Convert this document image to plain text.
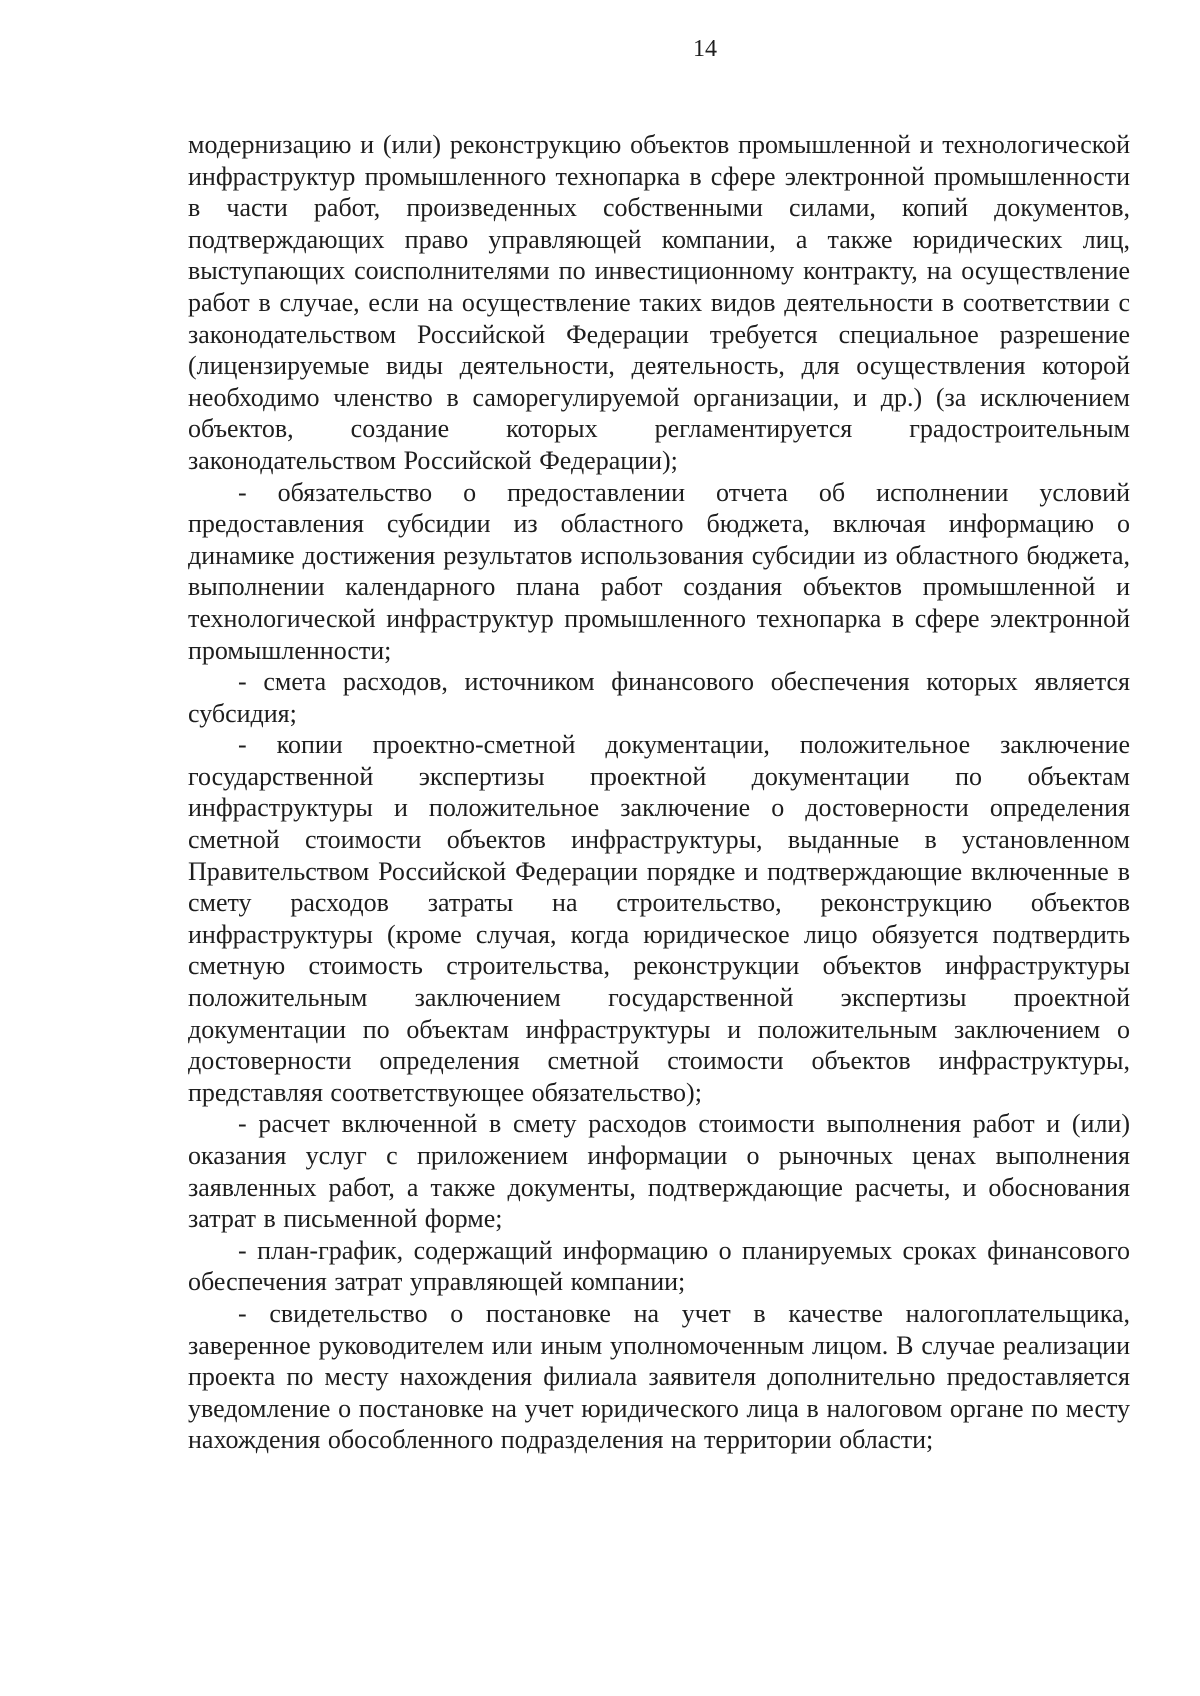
14

модернизацию и (или) реконструкцию объектов промышленной и технологической инфраструктур промышленного технопарка в сфере электронной промышленности в части работ, произведенных собственными силами, копий документов, подтверждающих право управляющей компании, а также юридических лиц, выступающих соисполнителями по инвестиционному контракту, на осуществление работ в случае, если на осуществление таких видов деятельности в соответствии с законодательством Российской Федерации требуется специальное разрешение (лицензируемые виды деятельности, деятельность, для осуществления которой необходимо членство в саморегулируемой организации, и др.) (за исключением объектов, создание которых регламентируется градостроительным законодательством Российской Федерации);

- обязательство о предоставлении отчета об исполнении условий предоставления субсидии из областного бюджета, включая информацию о динамике достижения результатов использования субсидии из областного бюджета, выполнении календарного плана работ создания объектов промышленной и технологической инфраструктур промышленного технопарка в сфере электронной промышленности;

- смета расходов, источником финансового обеспечения которых является субсидия;

- копии проектно-сметной документации, положительное заключение государственной экспертизы проектной документации по объектам инфраструктуры и положительное заключение о достоверности определения сметной стоимости объектов инфраструктуры, выданные в установленном Правительством Российской Федерации порядке и подтверждающие включенные в смету расходов затраты на строительство, реконструкцию объектов инфраструктуры (кроме случая, когда юридическое лицо обязуется подтвердить сметную стоимость строительства, реконструкции объектов инфраструктуры положительным заключением государственной экспертизы проектной документации по объектам инфраструктуры и положительным заключением о достоверности определения сметной стоимости объектов инфраструктуры, представляя соответствующее обязательство);

- расчет включенной в смету расходов стоимости выполнения работ и (или) оказания услуг с приложением информации о рыночных ценах выполнения заявленных работ, а также документы, подтверждающие расчеты, и обоснования затрат в письменной форме;

- план-график, содержащий информацию о планируемых сроках финансового обеспечения затрат управляющей компании;

- свидетельство о постановке на учет в качестве налогоплательщика, заверенное руководителем или иным уполномоченным лицом. В случае реализации проекта по месту нахождения филиала заявителя дополнительно предоставляется уведомление о постановке на учет юридического лица в налоговом органе по месту нахождения обособленного подразделения на территории области;
